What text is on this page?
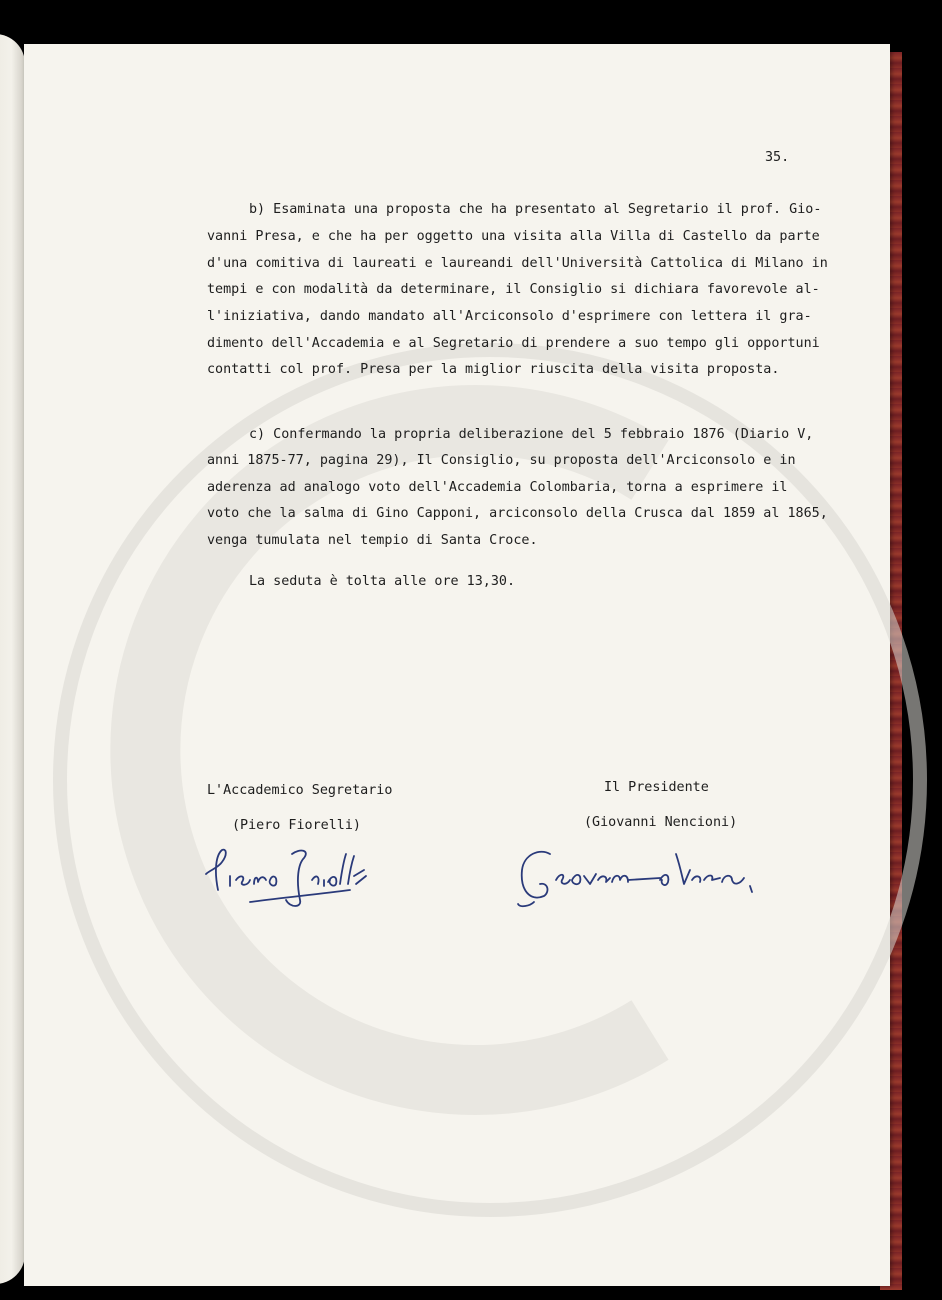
35.
b) Esaminata una proposta che ha presentato al Segretario il prof. Gio-
vanni Presa, e che ha per oggetto una visita alla Villa di Castello da parte
d'una comitiva di laureati e laureandi dell'Università Cattolica di Milano in
tempi e con modalità da determinare, il Consiglio si dichiara favorevole al-
l'iniziativa, dando mandato all'Arciconsolo d'esprimere con lettera il gra-
dimento dell'Accademia e al Segretario di prendere a suo tempo gli opportuni
contatti col prof. Presa per la miglior riuscita della visita proposta.
c) Confermando la propria deliberazione del 5 febbraio 1876 (Diario V,
anni 1875-77, pagina 29), Il Consiglio, su proposta dell'Arciconsolo e in
aderenza ad analogo voto dell'Accademia Colombaria, torna a esprimere il
voto che la salma di Gino Capponi, arciconsolo della Crusca dal 1859 al 1865,
venga tumulata nel tempio di Santa Croce.
La seduta è tolta alle ore 13,30.
L'Accademico Segretario
(Piero Fiorelli)
Il Presidente
(Giovanni Nencioni)
